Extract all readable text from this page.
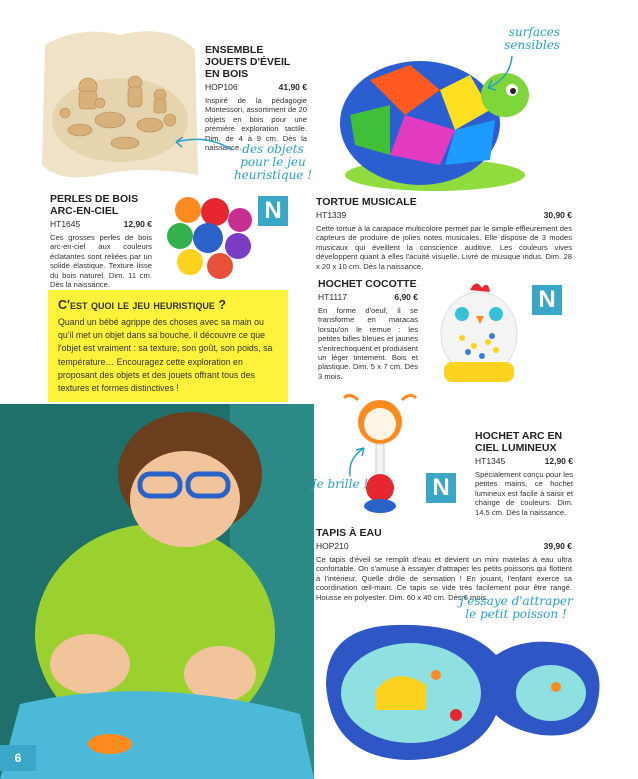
ENSEMBLE JOUETS D'ÉVEIL EN BOIS
HOP106	41,90 €
Inspiré de la pédagogie Montessori, assortiment de 20 objets en bois pour une première exploration tactile. Dim. de 4 à 9 cm. Dès la naissance. des objets pour le jeu heuristique !
surfaces sensibles
PERLES DE BOIS ARC-EN-CIEL
HT1645	12,90 €
Ces grosses perles de bois arc-en-ciel aux couleurs éclatantes sont reliées par un solide élastique. Texture lisse du bois naturel. Dim. 11 cm. Dès la naissance.
N	TORTUE MUSICALE
HT1339	30,90 €
Cette tortue à la carapace multicolore permet par le simple effleurement des capteurs de produire de jolies notes musicales. Elle dispose de 3 modes musicaux qui éveillent la conscience auditive. Les couleurs vives développent quant à elles l'acuité visuelle. Livré de musique indus. Dim. 28 x 20 x 10 cm. Dès la naissance.
C'est quoi le jeu heuristique ?
Quand un bébé agrippe des choses avec sa main ou qu'il met un objet dans sa bouche, il découvre ce que l'objet est vraiment : sa texture, son goût, son poids, sa température… Encouragez cette exploration en proposant des objets et des jouets offrant tous des textures et formes distinctives !
HOCHET COCOTTE
HT1117	6,90 €
En forme d'oeuf, il se transforme en maracas lorsqu'on le remue : les petites billes bleues et jaunes s'entrechoquent et produisent un léger tintement. Bois et plastique. Dim. 5 x 7 cm. Dès 3 mois.
N
6
Je brille !	N
HOCHET ARC EN CIEL LUMINEUX
HT1345	12,90 €
Spécialement conçu pour les petites mains, ce hochet lumineux est facile à saisir et change de couleurs. Dim. 14,5 cm. Dès la naissance.
TAPIS À EAU
HOP210	39,90 €
Ce tapis d'éveil se remplit d'eau et devient un mini matelas à eau ultra confortable. On s'amuse à essayer d'attraper les petits poissons qui flottent à l'intérieur. Quelle drôle de sensation ! En jouant, l'enfant exerce sa coordination œil-main. Ce tapis se vide très facilement pour être rangé. Housse en polyester. Dim. 60 x 40 cm. Dès 6 mois.
J'essaye d'attraper le petit poisson !
